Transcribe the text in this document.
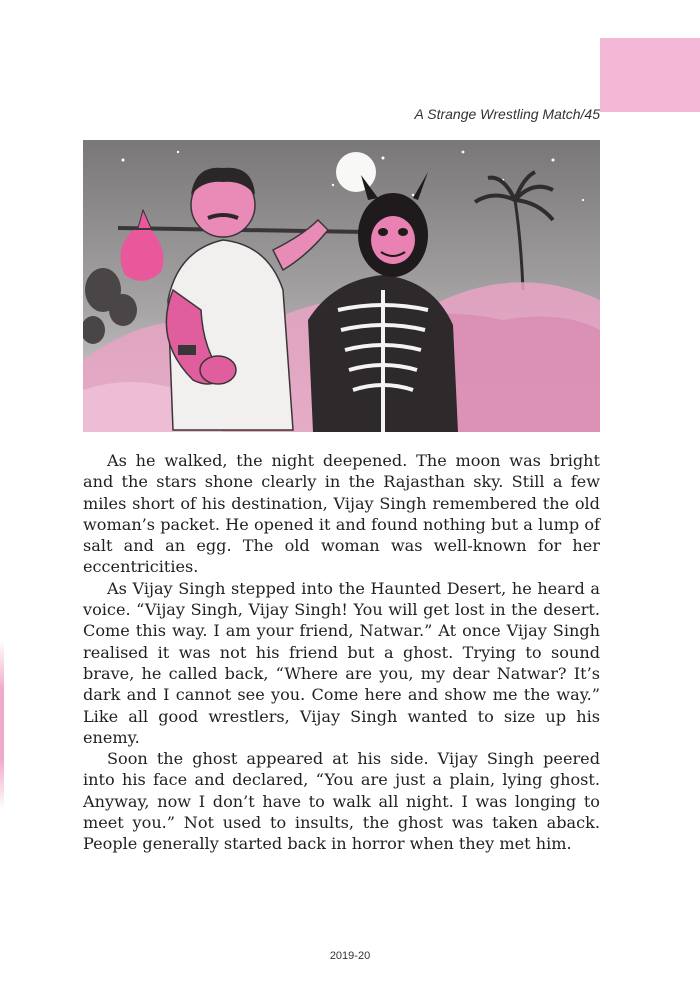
A Strange Wrestling Match/45

As he walked, the night deepened. The moon was bright and the stars shone clearly in the Rajasthan sky. Still a few miles short of his destination, Vijay Singh remembered the old woman’s packet. He opened it and found nothing but a lump of salt and an egg. The old woman was well-known for her eccentricities.

As Vijay Singh stepped into the Haunted Desert, he heard a voice. “Vijay Singh, Vijay Singh! You will get lost in the desert. Come this way. I am your friend, Natwar.” At once Vijay Singh realised it was not his friend but a ghost. Trying to sound brave, he called back, “Where are you, my dear Natwar? It’s dark and I cannot see you. Come here and show me the way.” Like all good wrestlers, Vijay Singh wanted to size up his enemy.

Soon the ghost appeared at his side. Vijay Singh peered into his face and declared, “You are just a plain, lying ghost. Anyway, now I don’t have to walk all night. I was longing to meet you.” Not used to insults, the ghost was taken aback. People generally started back in horror when they met him.

2019-20
